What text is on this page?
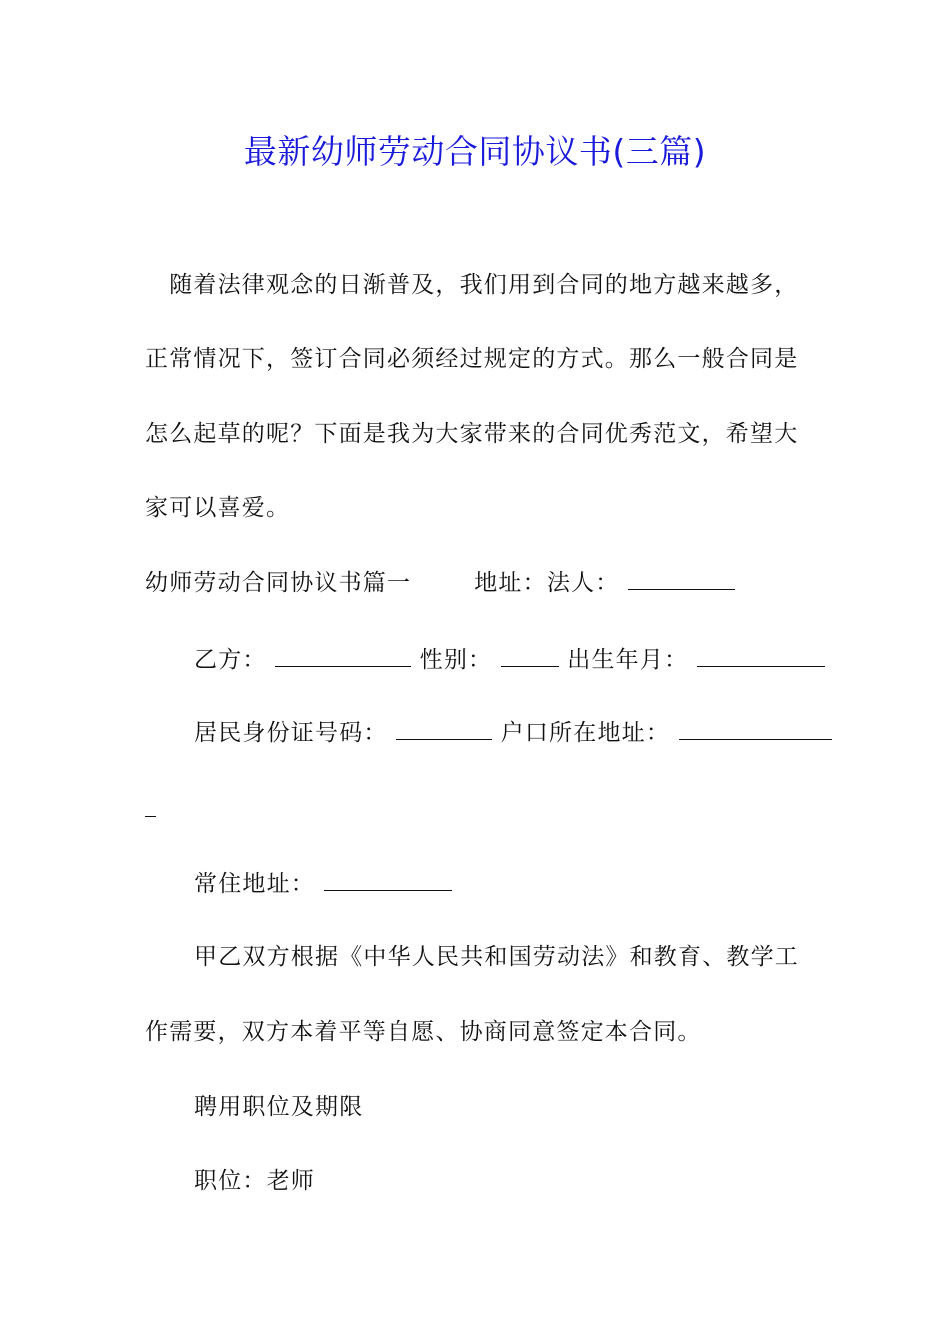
最新幼师劳动合同协议书(三篇)
　随着法律观念的日渐普及，我们用到合同的地方越来越多，
正常情况下，签订合同必须经过规定的方式。那么一般合同是
怎么起草的呢？下面是我为大家带来的合同优秀范文，希望大
家可以喜爱。
幼师劳动合同协议书篇一	地址：法人：
乙方：	性别：	出生年月：
居民身份证号码：	户口所在地址：
常住地址：
甲乙双方根据《中华人民共和国劳动法》和教育、教学工
作需要，双方本着平等自愿、协商同意签定本合同。
聘用职位及期限
职位：老师
